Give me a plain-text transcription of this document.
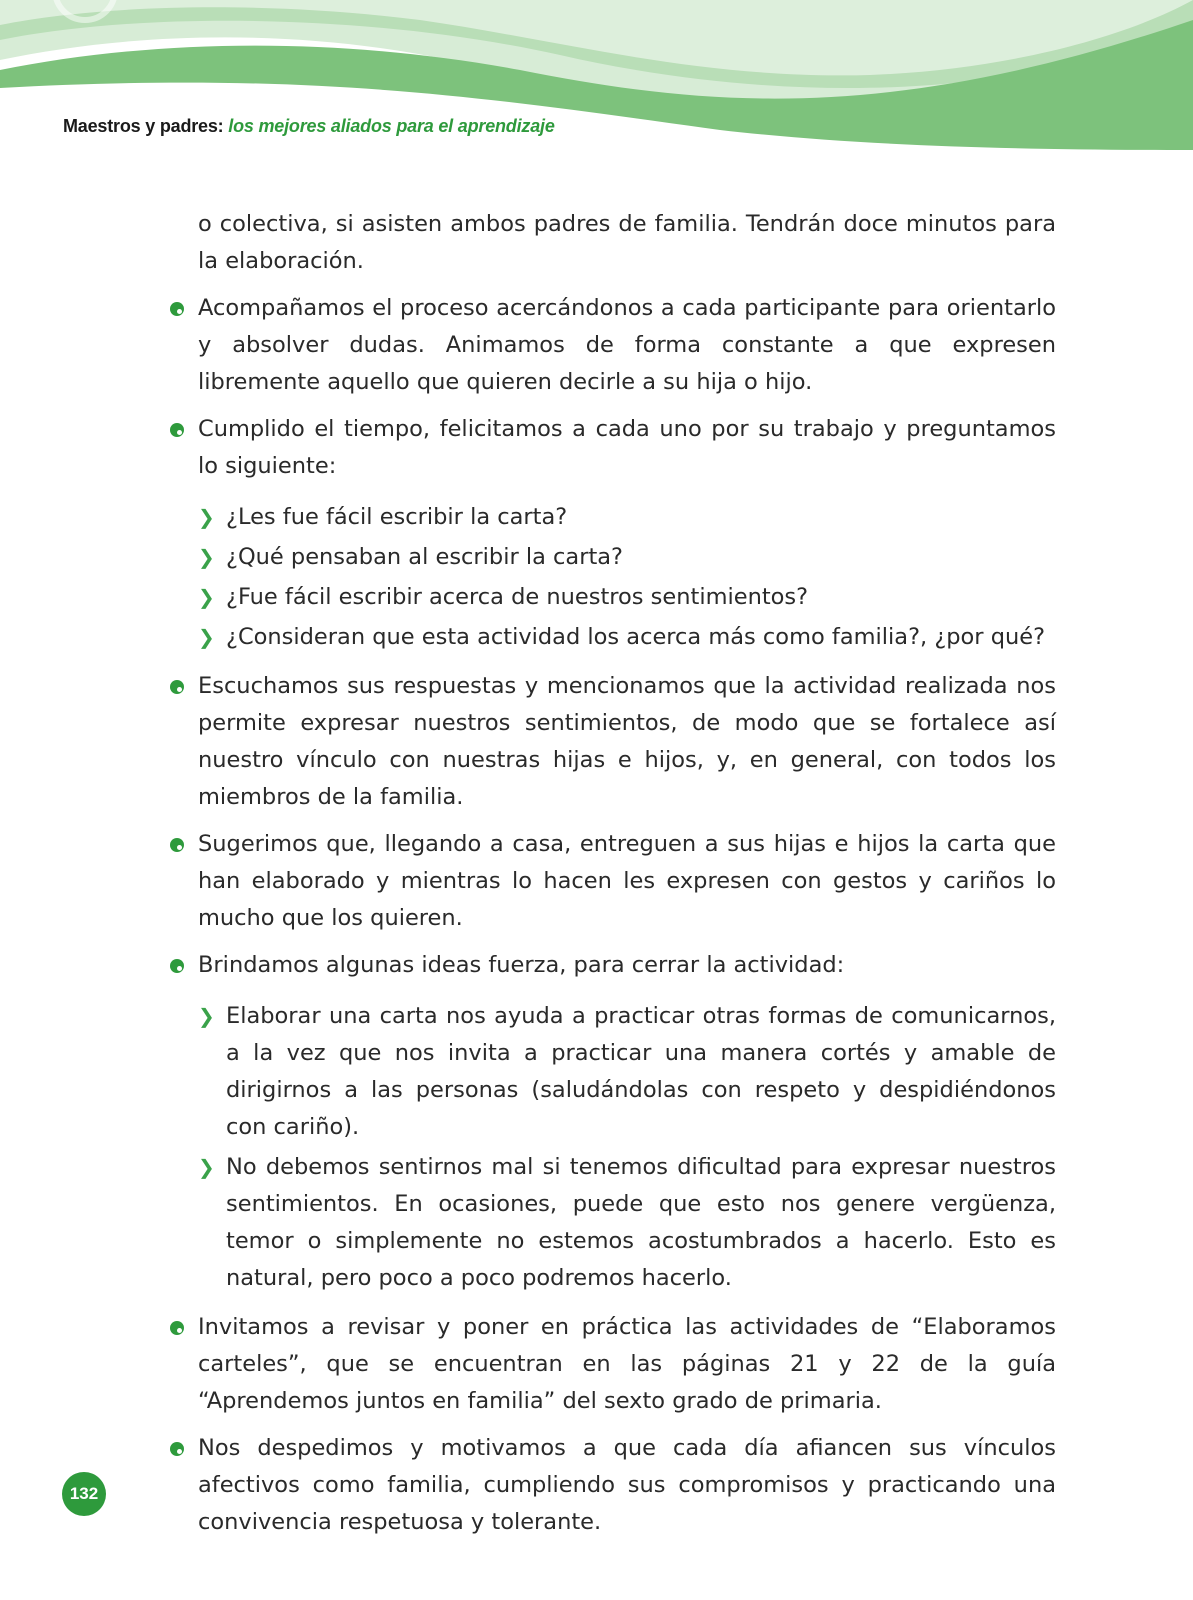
Maestros y padres: los mejores aliados para el aprendizaje

o colectiva, si asisten ambos padres de familia. Tendrán doce minutos para la elaboración.

Acompañamos el proceso acercándonos a cada participante para orientarlo y absolver dudas. Animamos de forma constante a que expresen libremente aquello que quieren decirle a su hija o hijo.
Cumplido el tiempo, felicitamos a cada uno por su trabajo y preguntamos lo siguiente:
❯ ¿Les fue fácil escribir la carta?
❯ ¿Qué pensaban al escribir la carta?
❯ ¿Fue fácil escribir acerca de nuestros sentimientos?
❯ ¿Consideran que esta actividad los acerca más como familia?, ¿por qué?
Escuchamos sus respuestas y mencionamos que la actividad realizada nos permite expresar nuestros sentimientos, de modo que se fortalece así nuestro vínculo con nuestras hijas e hijos, y, en general, con todos los miembros de la familia.
Sugerimos que, llegando a casa, entreguen a sus hijas e hijos la carta que han elaborado y mientras lo hacen les expresen con gestos y cariños lo mucho que los quieren.
Brindamos algunas ideas fuerza, para cerrar la actividad:
❯ Elaborar una carta nos ayuda a practicar otras formas de comunicarnos, a la vez que nos invita a practicar una manera cortés y amable de dirigirnos a las personas (saludándolas con respeto y despidiéndonos con cariño).
❯ No debemos sentirnos mal si tenemos dificultad para expresar nuestros sentimientos. En ocasiones, puede que esto nos genere vergüenza, temor o simplemente no estemos acostumbrados a hacerlo. Esto es natural, pero poco a poco podremos hacerlo.
Invitamos a revisar y poner en práctica las actividades de “Elaboramos carteles”, que se encuentran en las páginas 21 y 22 de la guía “Aprendemos juntos en familia” del sexto grado de primaria.
Nos despedimos y motivamos a que cada día afiancen sus vínculos afectivos como familia, cumpliendo sus compromisos y practicando una convivencia respetuosa y tolerante.
132
